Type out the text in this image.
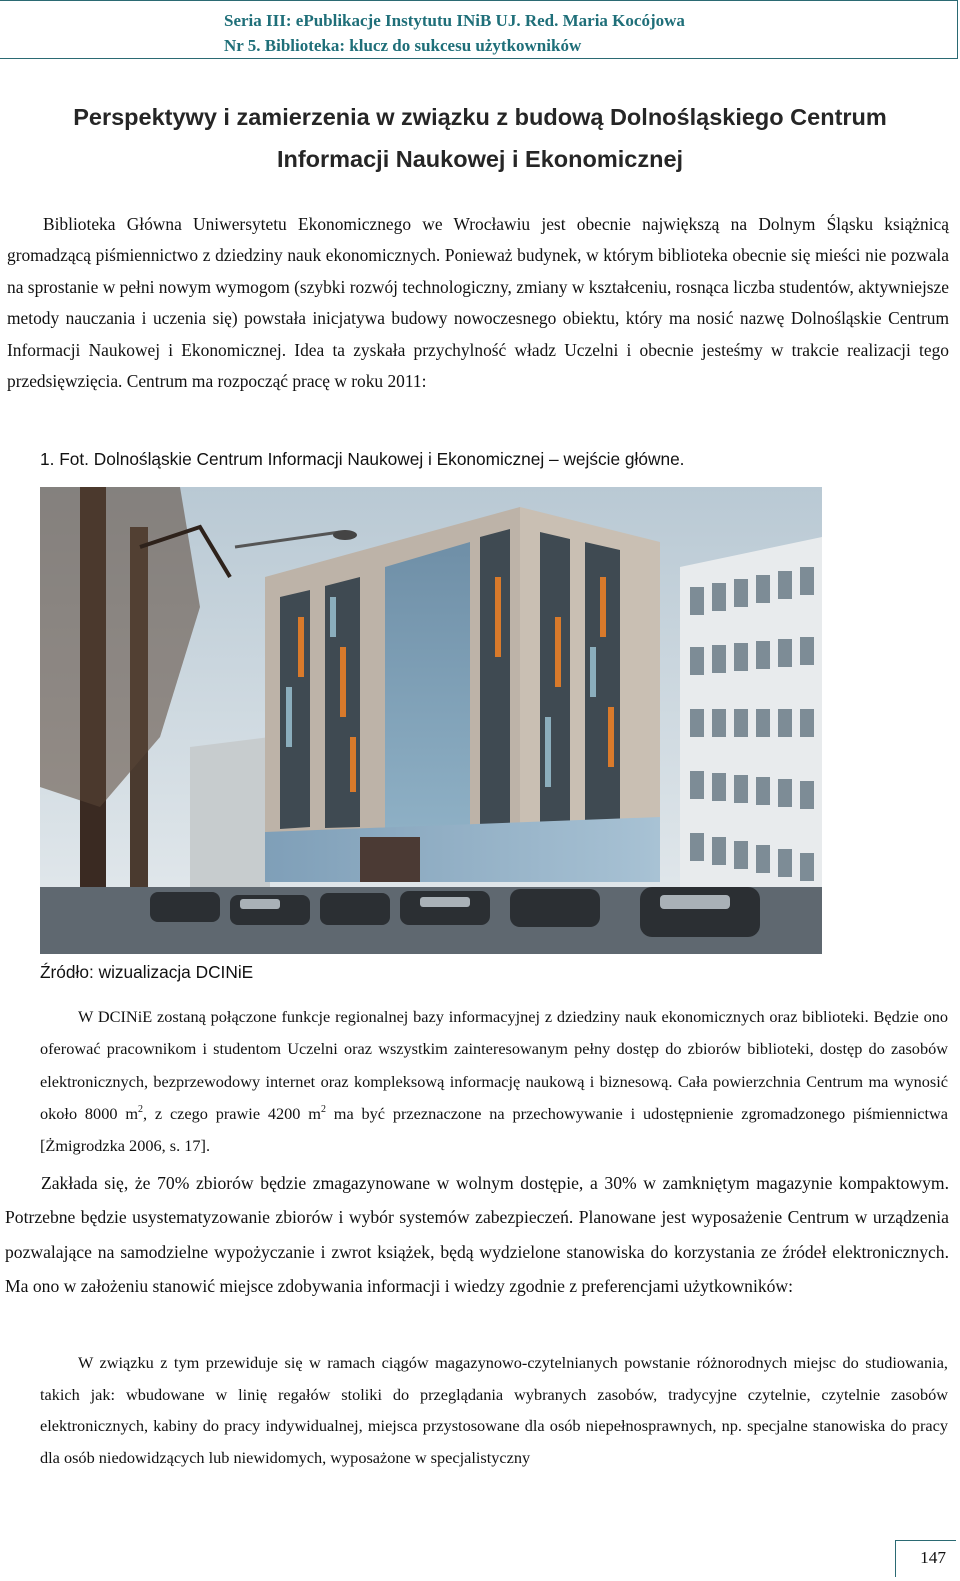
Seria III: ePublikacje Instytutu INiB UJ. Red. Maria Kocójowa
Nr 5. Biblioteka: klucz do sukcesu użytkowników
Perspektywy i zamierzenia w związku z budową Dolnośląskiego Centrum
Informacji Naukowej i Ekonomicznej
Biblioteka Główna Uniwersytetu Ekonomicznego we Wrocławiu jest obecnie największą na Dolnym Śląsku książnicą gromadzącą piśmiennictwo z dziedziny nauk ekonomicznych. Ponieważ budynek, w którym biblioteka obecnie się mieści nie pozwala na sprostanie w pełni nowym wymogom (szybki rozwój technologiczny, zmiany w kształceniu, rosnąca liczba studentów, aktywniejsze metody nauczania i uczenia się) powstała inicjatywa budowy nowoczesnego obiektu, który ma nosić nazwę Dolnośląskie Centrum Informacji Naukowej i Ekonomicznej. Idea ta zyskała przychylność władz Uczelni i obecnie jesteśmy w trakcie realizacji tego przedsięwzięcia. Centrum ma rozpocząć pracę w roku 2011:
1. Fot. Dolnośląskie Centrum Informacji Naukowej i Ekonomicznej – wejście główne.
Źródło: wizualizacja DCINiE
W DCINiE zostaną połączone funkcje regionalnej bazy informacyjnej z dziedziny nauk ekonomicznych oraz biblioteki. Będzie ono oferować pracownikom i studentom Uczelni oraz wszystkim zainteresowanym pełny dostęp do zbiorów biblioteki, dostęp do zasobów elektronicznych, bezprzewodowy internet oraz kompleksową informację naukową i biznesową. Cała powierzchnia Centrum ma wynosić około 8000 $m^2$, z czego prawie 4200 $m^2$ ma być przeznaczone na przechowywanie i udostępnienie zgromadzonego piśmiennictwa [Żmigrodzka 2006, s. 17].
Zakłada się, że 70% zbiorów będzie zmagazynowane w wolnym dostępie, a 30% w zamkniętym magazynie kompaktowym. Potrzebne będzie usystematyzowanie zbiorów i wybór systemów zabezpieczeń. Planowane jest wyposażenie Centrum w urządzenia pozwalające na samodzielne wypożyczanie i zwrot książek, będą wydzielone stanowiska do korzystania ze źródeł elektronicznych. Ma ono w założeniu stanowić miejsce zdobywania informacji i wiedzy zgodnie z preferencjami użytkowników:
W związku z tym przewiduje się w ramach ciągów magazynowo-czytelnianych powstanie różnorodnych miejsc do studiowania, takich jak: wbudowane w linię regałów stoliki do przeglądania wybranych zasobów, tradycyjne czytelnie, czytelnie zasobów elektronicznych, kabiny do pracy indywidualnej, miejsca przystosowane dla osób niepełnosprawnych, np. specjalne stanowiska do pracy dla osób niedowidzących lub niewidomych, wyposażone w specjalistyczny
147
